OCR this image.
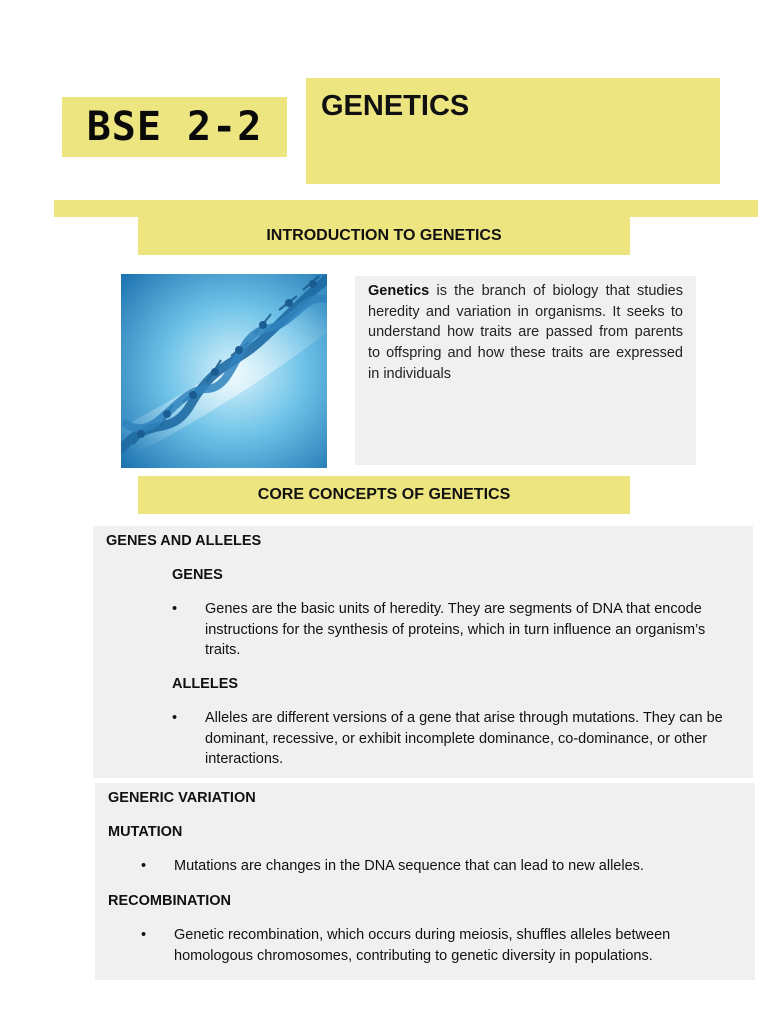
BSE 2-2	GENETICS
INTRODUCTION TO GENETICS
Genetics is the branch of biology that studies heredity and variation in organisms. It seeks to understand how traits are passed from parents to offspring and how these traits are expressed in individuals
CORE CONCEPTS OF GENETICS
GENES AND ALLELES
GENES
• Genes are the basic units of heredity. They are segments of DNA that encode instructions for the synthesis of proteins, which in turn influence an organism’s traits.
ALLELES
• Alleles are different versions of a gene that arise through mutations. They can be dominant, recessive, or exhibit incomplete dominance, co-dominance, or other interactions.
GENERIC VARIATION
MUTATION
• Mutations are changes in the DNA sequence that can lead to new alleles.
RECOMBINATION
• Genetic recombination, which occurs during meiosis, shuffles alleles between homologous chromosomes, contributing to genetic diversity in populations.
